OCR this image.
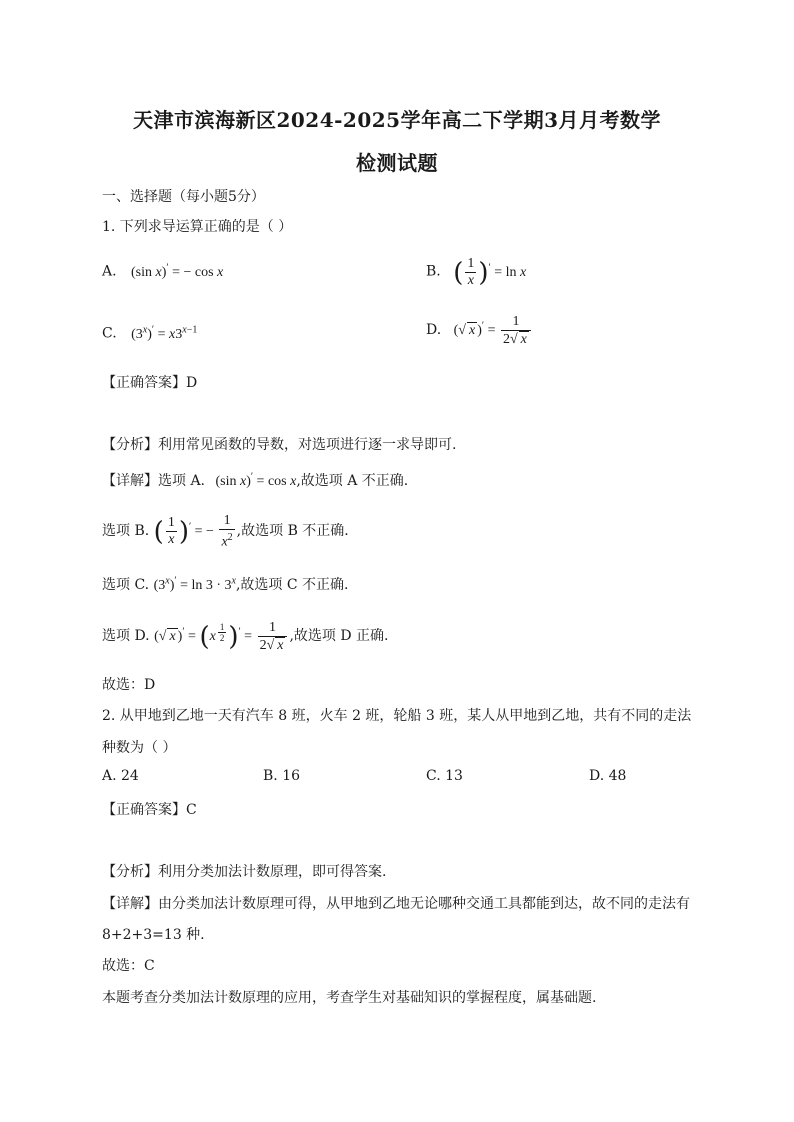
天津市滨海新区2024-2025学年高二下学期3月月考数学
检测试题
一、选择题（每小题5分）
1. 下列求导运算正确的是（ ）
A. (sin x)′ = − cos x	B. ( $\frac{1}{x} )' = \ln x$
C. $(3^x)' = x3^{x-1}$	D. (√ x )$' = \frac{1}{2√ x}$
【正确答案】D
【分析】利用常见函数的导数，对选项进行逐一求导即可.
【详解】选项 A. (sin x)′ = cos x,故选项 A 不正确.
选项 B. ( $\frac{1}{x} )'$ = − $\frac{1}{x^2}$ ,故选项 B 不正确.
选项 C. $(3^x)' = \ln 3 \cdot 3^x$,故选项 C 不正确.
选项 D. (√ x )′ = (x $^{\frac{1}{2}}$ )$' = \frac{1}{2√ x}$ ,故选项 D 正确.
故选：D
2. 从甲地到乙地一天有汽车 8 班，火车 2 班，轮船 3 班，某人从甲地到乙地，共有不同的走法
种数为（ ）
A. 24	B. 16	C. 13	D. 48
【正确答案】C
【分析】利用分类加法计数原理，即可得答案.
【详解】由分类加法计数原理可得，从甲地到乙地无论哪种交通工具都能到达，故不同的走法有
8+2+3=13 种.
故选：C
本题考查分类加法计数原理的应用，考查学生对基础知识的掌握程度，属基础题.
